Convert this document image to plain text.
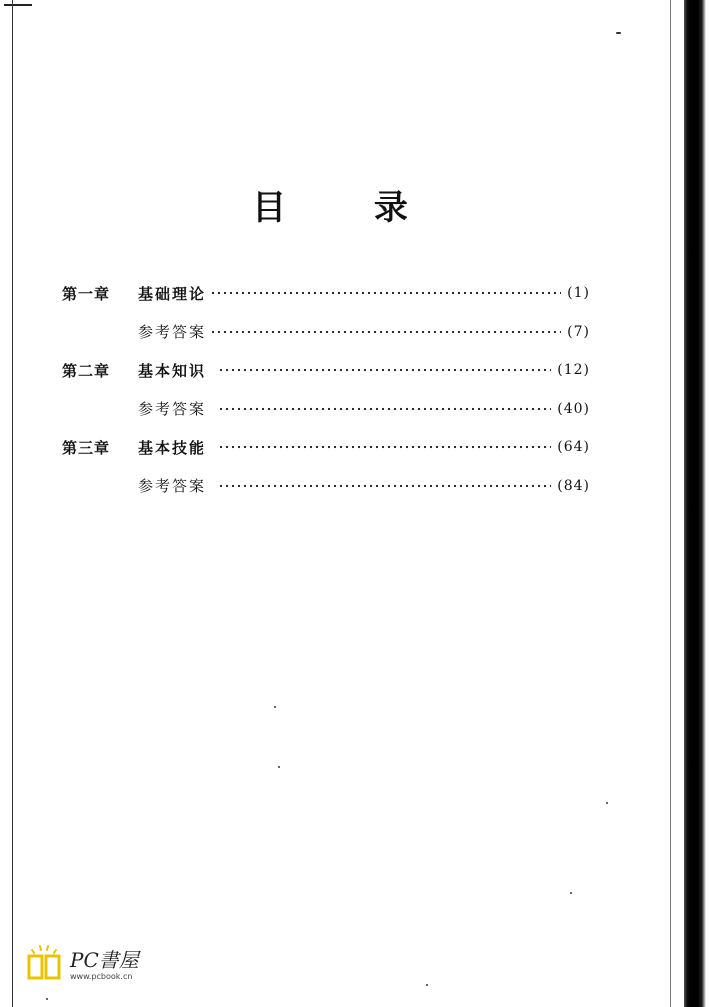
目 录
第一章	基础理论	(1)
参考答案	(7)
第二章	基本知识	(12)
参考答案	(40)
第三章	基本技能	(64)
参考答案	(84)
PC書屋
www.pcbook.cn
